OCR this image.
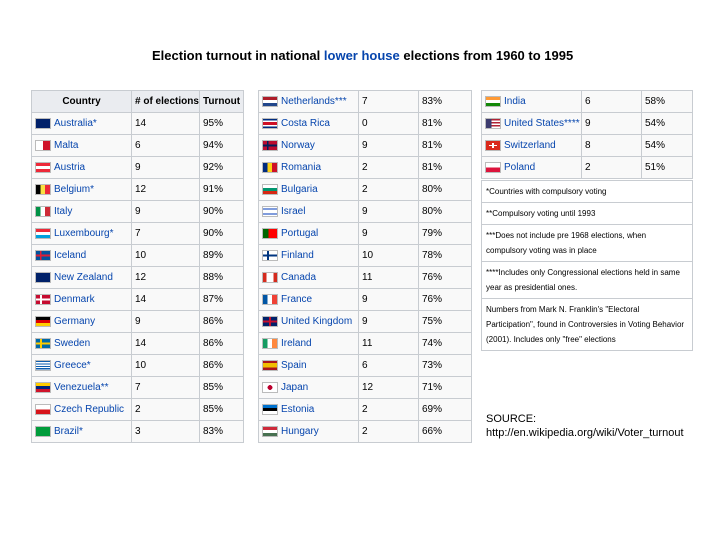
Election turnout in national lower house elections from 1960 to 1995
Country	# of elections	Turnout
Australia*	14	95%
Malta	6	94%
Austria	9	92%
Belgium*	12	91%
Italy	9	90%
Luxembourg*	7	90%
Iceland	10	89%
New Zealand	12	88%
Denmark	14	87%
Germany	9	86%
Sweden	14	86%
Greece*	10	86%
Venezuela**	7	85%
Czech Republic	2	85%
Brazil*	3	83%
Netherlands***	7	83%
Costa Rica	0	81%
Norway	9	81%
Romania	2	81%
Bulgaria	2	80%
Israel	9	80%
Portugal	9	79%
Finland	10	78%
Canada	11	76%
France	9	76%
United Kingdom	9	75%
Ireland	11	74%
Spain	6	73%
Japan	12	71%
Estonia	2	69%
Hungary	2	66%
India	6	58%
United States****	9	54%
Switzerland	8	54%
Poland	2	51%
*Countries with compulsory voting
**Compulsory voting until 1993
***Does not include pre 1968 elections, when compulsory voting was in place
****Includes only Congressional elections held in same year as presidential ones.
Numbers from Mark N. Franklin's "Electoral Participation", found in Controversies in Voting Behavior (2001). Includes only "free" elections
SOURCE:
http://en.wikipedia.org/wiki/Voter_turnout
